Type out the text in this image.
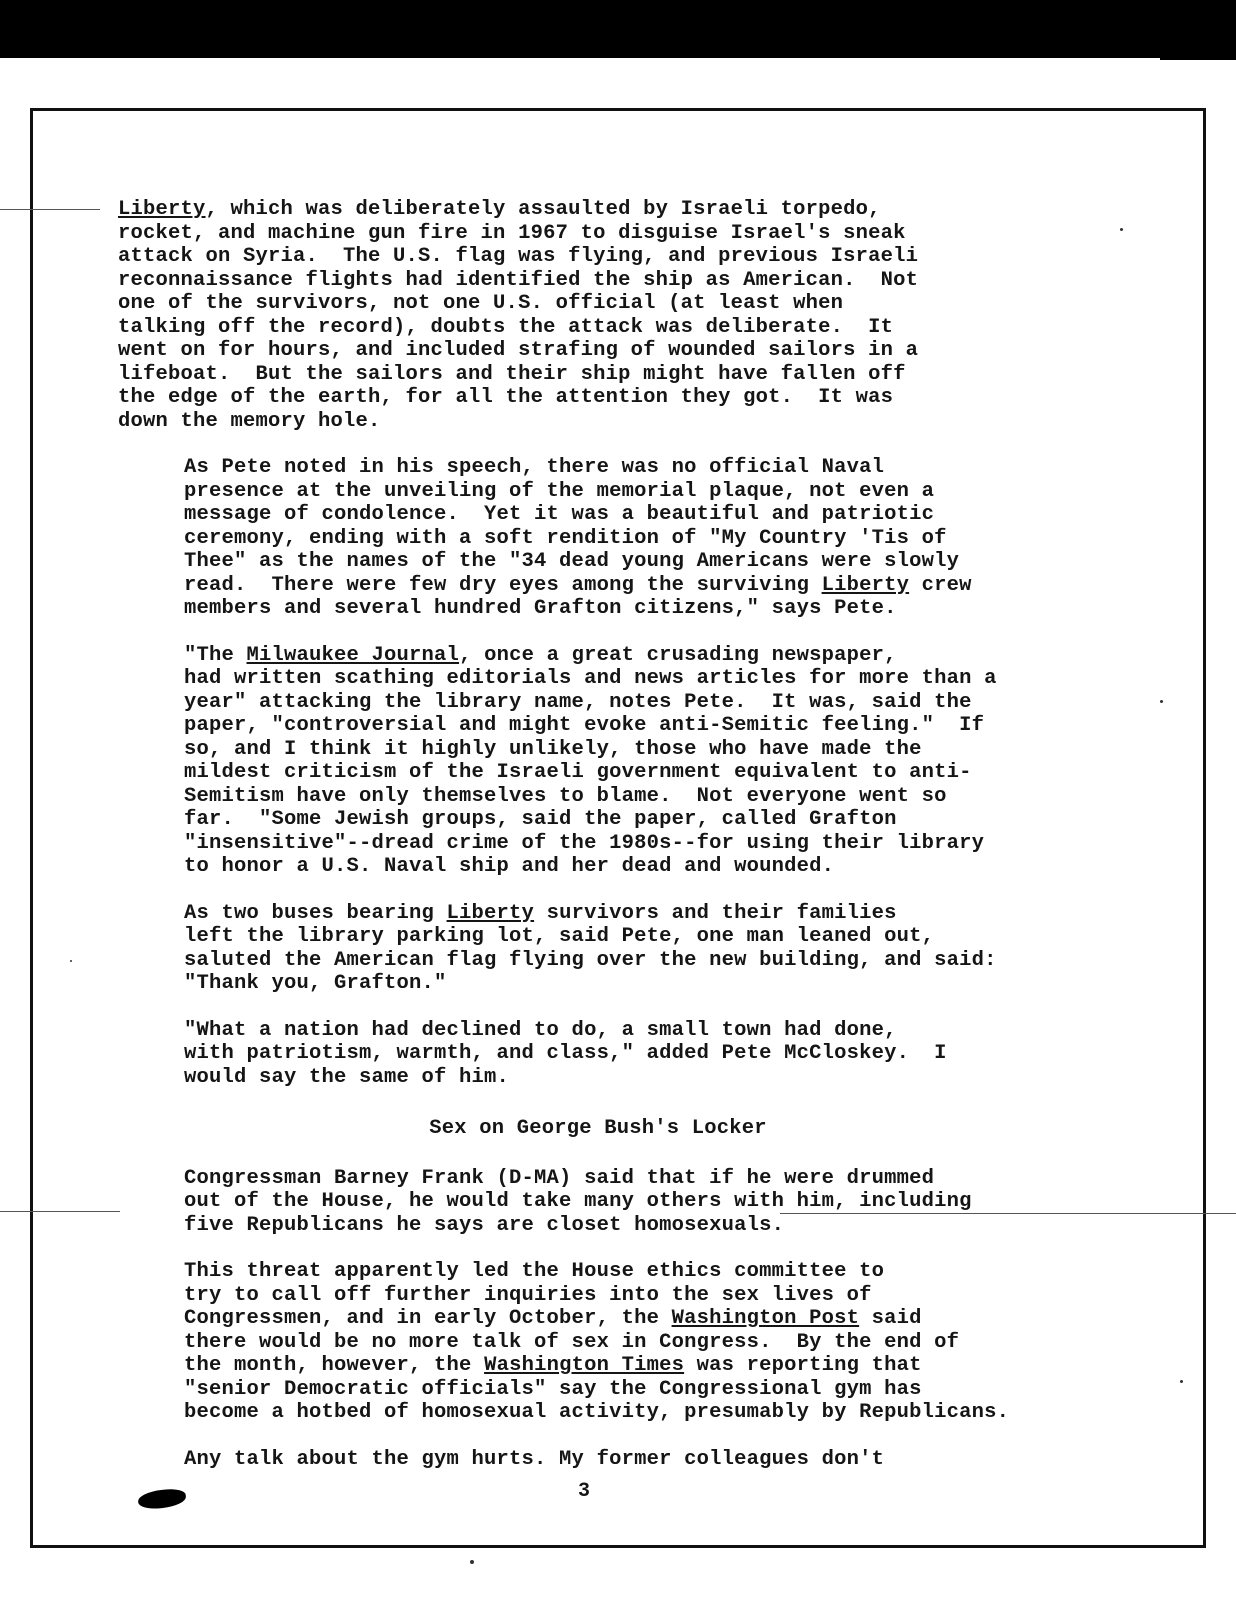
Liberty, which was deliberately assaulted by Israeli torpedo,
rocket, and machine gun fire in 1967 to disguise Israel's sneak
attack on Syria.  The U.S. flag was flying, and previous Israeli
reconnaissance flights had identified the ship as American.  Not
one of the survivors, not one U.S. official (at least when
talking off the record), doubts the attack was deliberate.  It
went on for hours, and included strafing of wounded sailors in a
lifeboat.  But the sailors and their ship might have fallen off
the edge of the earth, for all the attention they got.  It was
down the memory hole.
As Pete noted in his speech, there was no official Naval
presence at the unveiling of the memorial plaque, not even a
message of condolence.  Yet it was a beautiful and patriotic
ceremony, ending with a soft rendition of "My Country 'Tis of
Thee" as the names of the "34 dead young Americans were slowly
read.  There were few dry eyes among the surviving Liberty crew
members and several hundred Grafton citizens," says Pete.
"The Milwaukee Journal, once a great crusading newspaper,
had written scathing editorials and news articles for more than a
year" attacking the library name, notes Pete.  It was, said the
paper, "controversial and might evoke anti-Semitic feeling."  If
so, and I think it highly unlikely, those who have made the
mildest criticism of the Israeli government equivalent to anti-
Semitism have only themselves to blame.  Not everyone went so
far.  "Some Jewish groups, said the paper, called Grafton
"insensitive"--dread crime of the 1980s--for using their library
to honor a U.S. Naval ship and her dead and wounded.
As two buses bearing Liberty survivors and their families
left the library parking lot, said Pete, one man leaned out,
saluted the American flag flying over the new building, and said:
"Thank you, Grafton."
"What a nation had declined to do, a small town had done,
with patriotism, warmth, and class," added Pete McCloskey.  I
would say the same of him.
Sex on George Bush's Locker
Congressman Barney Frank (D-MA) said that if he were drummed
out of the House, he would take many others with him, including
five Republicans he says are closet homosexuals.
This threat apparently led the House ethics committee to
try to call off further inquiries into the sex lives of
Congressmen, and in early October, the Washington Post said
there would be no more talk of sex in Congress.  By the end of
the month, however, the Washington Times was reporting that
"senior Democratic officials" say the Congressional gym has
become a hotbed of homosexual activity, presumably by Republicans.
Any talk about the gym hurts. My former colleagues don't
3
